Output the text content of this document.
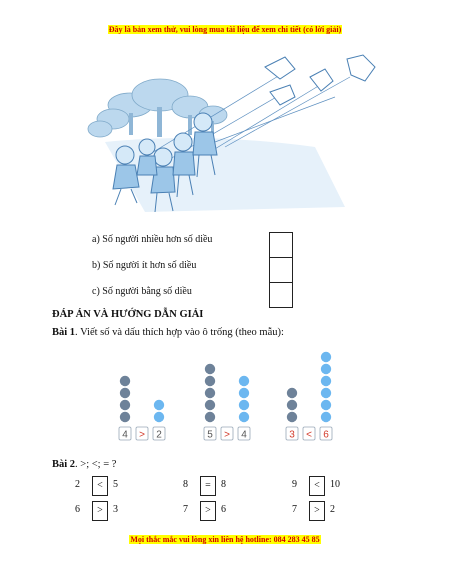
Đây là bản xem thử, vui lòng mua tài liệu để xem chi tiết (có lời giải)
a) Số người nhiều hơn số diều
b) Số người ít hơn số diều
c) Số người bằng số diều
ĐÁP ÁN VÀ HƯỚNG DẪN GIẢI
Bài 1. Viết số và dấu thích hợp vào ô trống (theo mẫu):
4 > 2	5 > 4	3 < 6
Bài 2. >; <; = ?
2	<	5	8	=	8	9	<	10
6	>	3	7	>	6	7	>	2
Mọi thắc mắc vui lòng xin liên hệ hotline: 084 283 45 85
